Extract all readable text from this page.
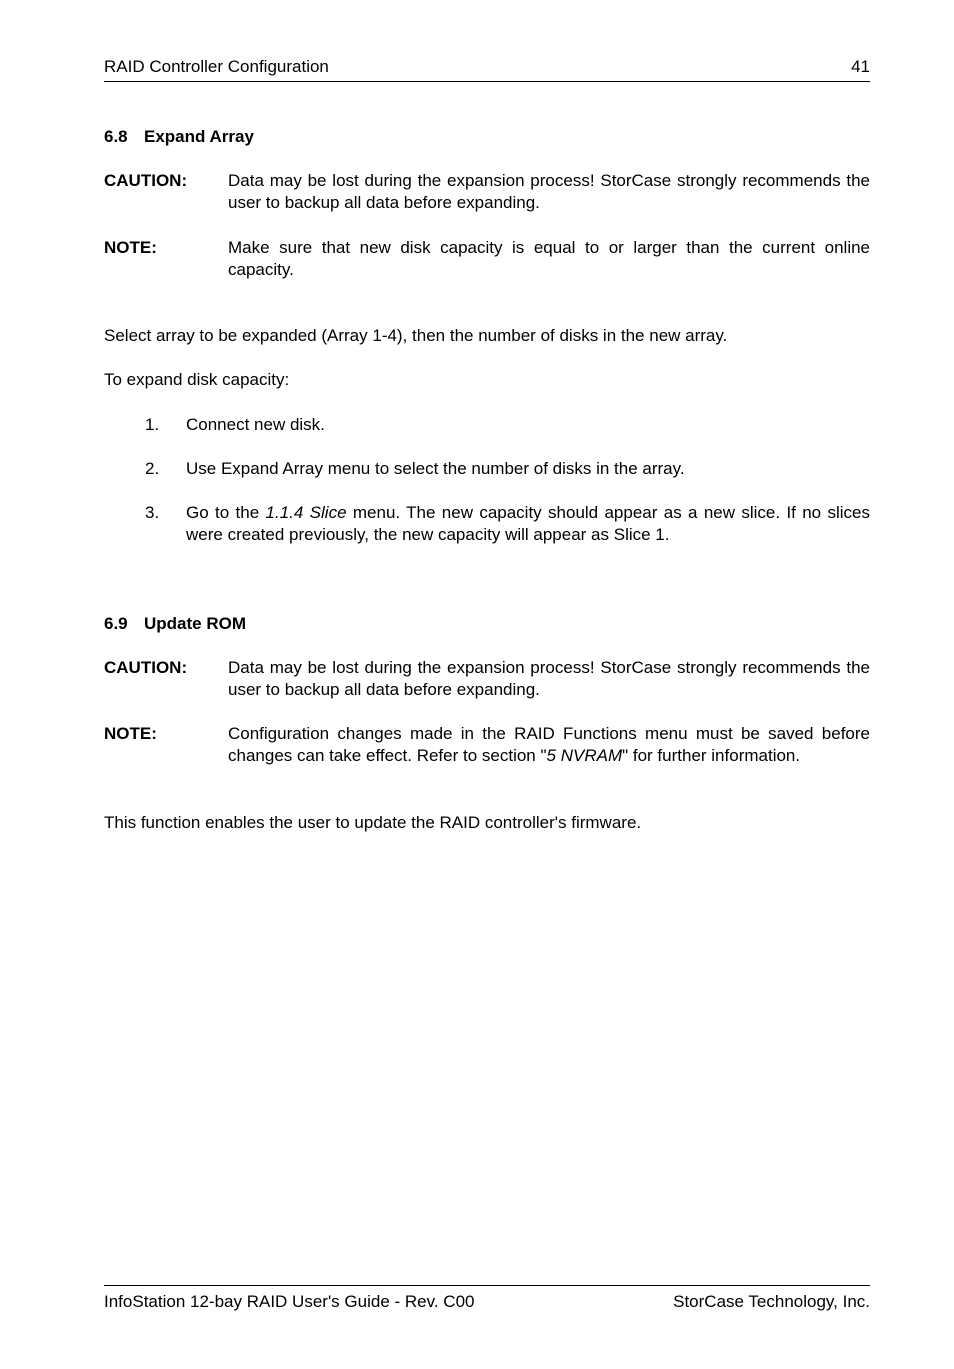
RAID Controller Configuration	41
6.8 Expand Array
CAUTION: Data may be lost during the expansion process! StorCase strongly recommends the user to backup all data before expanding.
NOTE:	Make sure that new disk capacity is equal to or larger than the current online capacity.
Select array to be expanded (Array 1-4), then the number of disks in the new array.
To expand disk capacity:
1. Connect new disk.
2. Use Expand Array menu to select the number of disks in the array.
3. Go to the 1.1.4 Slice menu. The new capacity should appear as a new slice. If no slices were created previously, the new capacity will appear as Slice 1.
6.9 Update ROM
CAUTION: Data may be lost during the expansion process! StorCase strongly recommends the user to backup all data before expanding.
NOTE:	Configuration changes made in the RAID Functions menu must be saved before changes can take effect. Refer to section "5 NVRAM" for further information.
This function enables the user to update the RAID controller's firmware.
InfoStation 12-bay RAID User's Guide - Rev. C00	StorCase Technology, Inc.
